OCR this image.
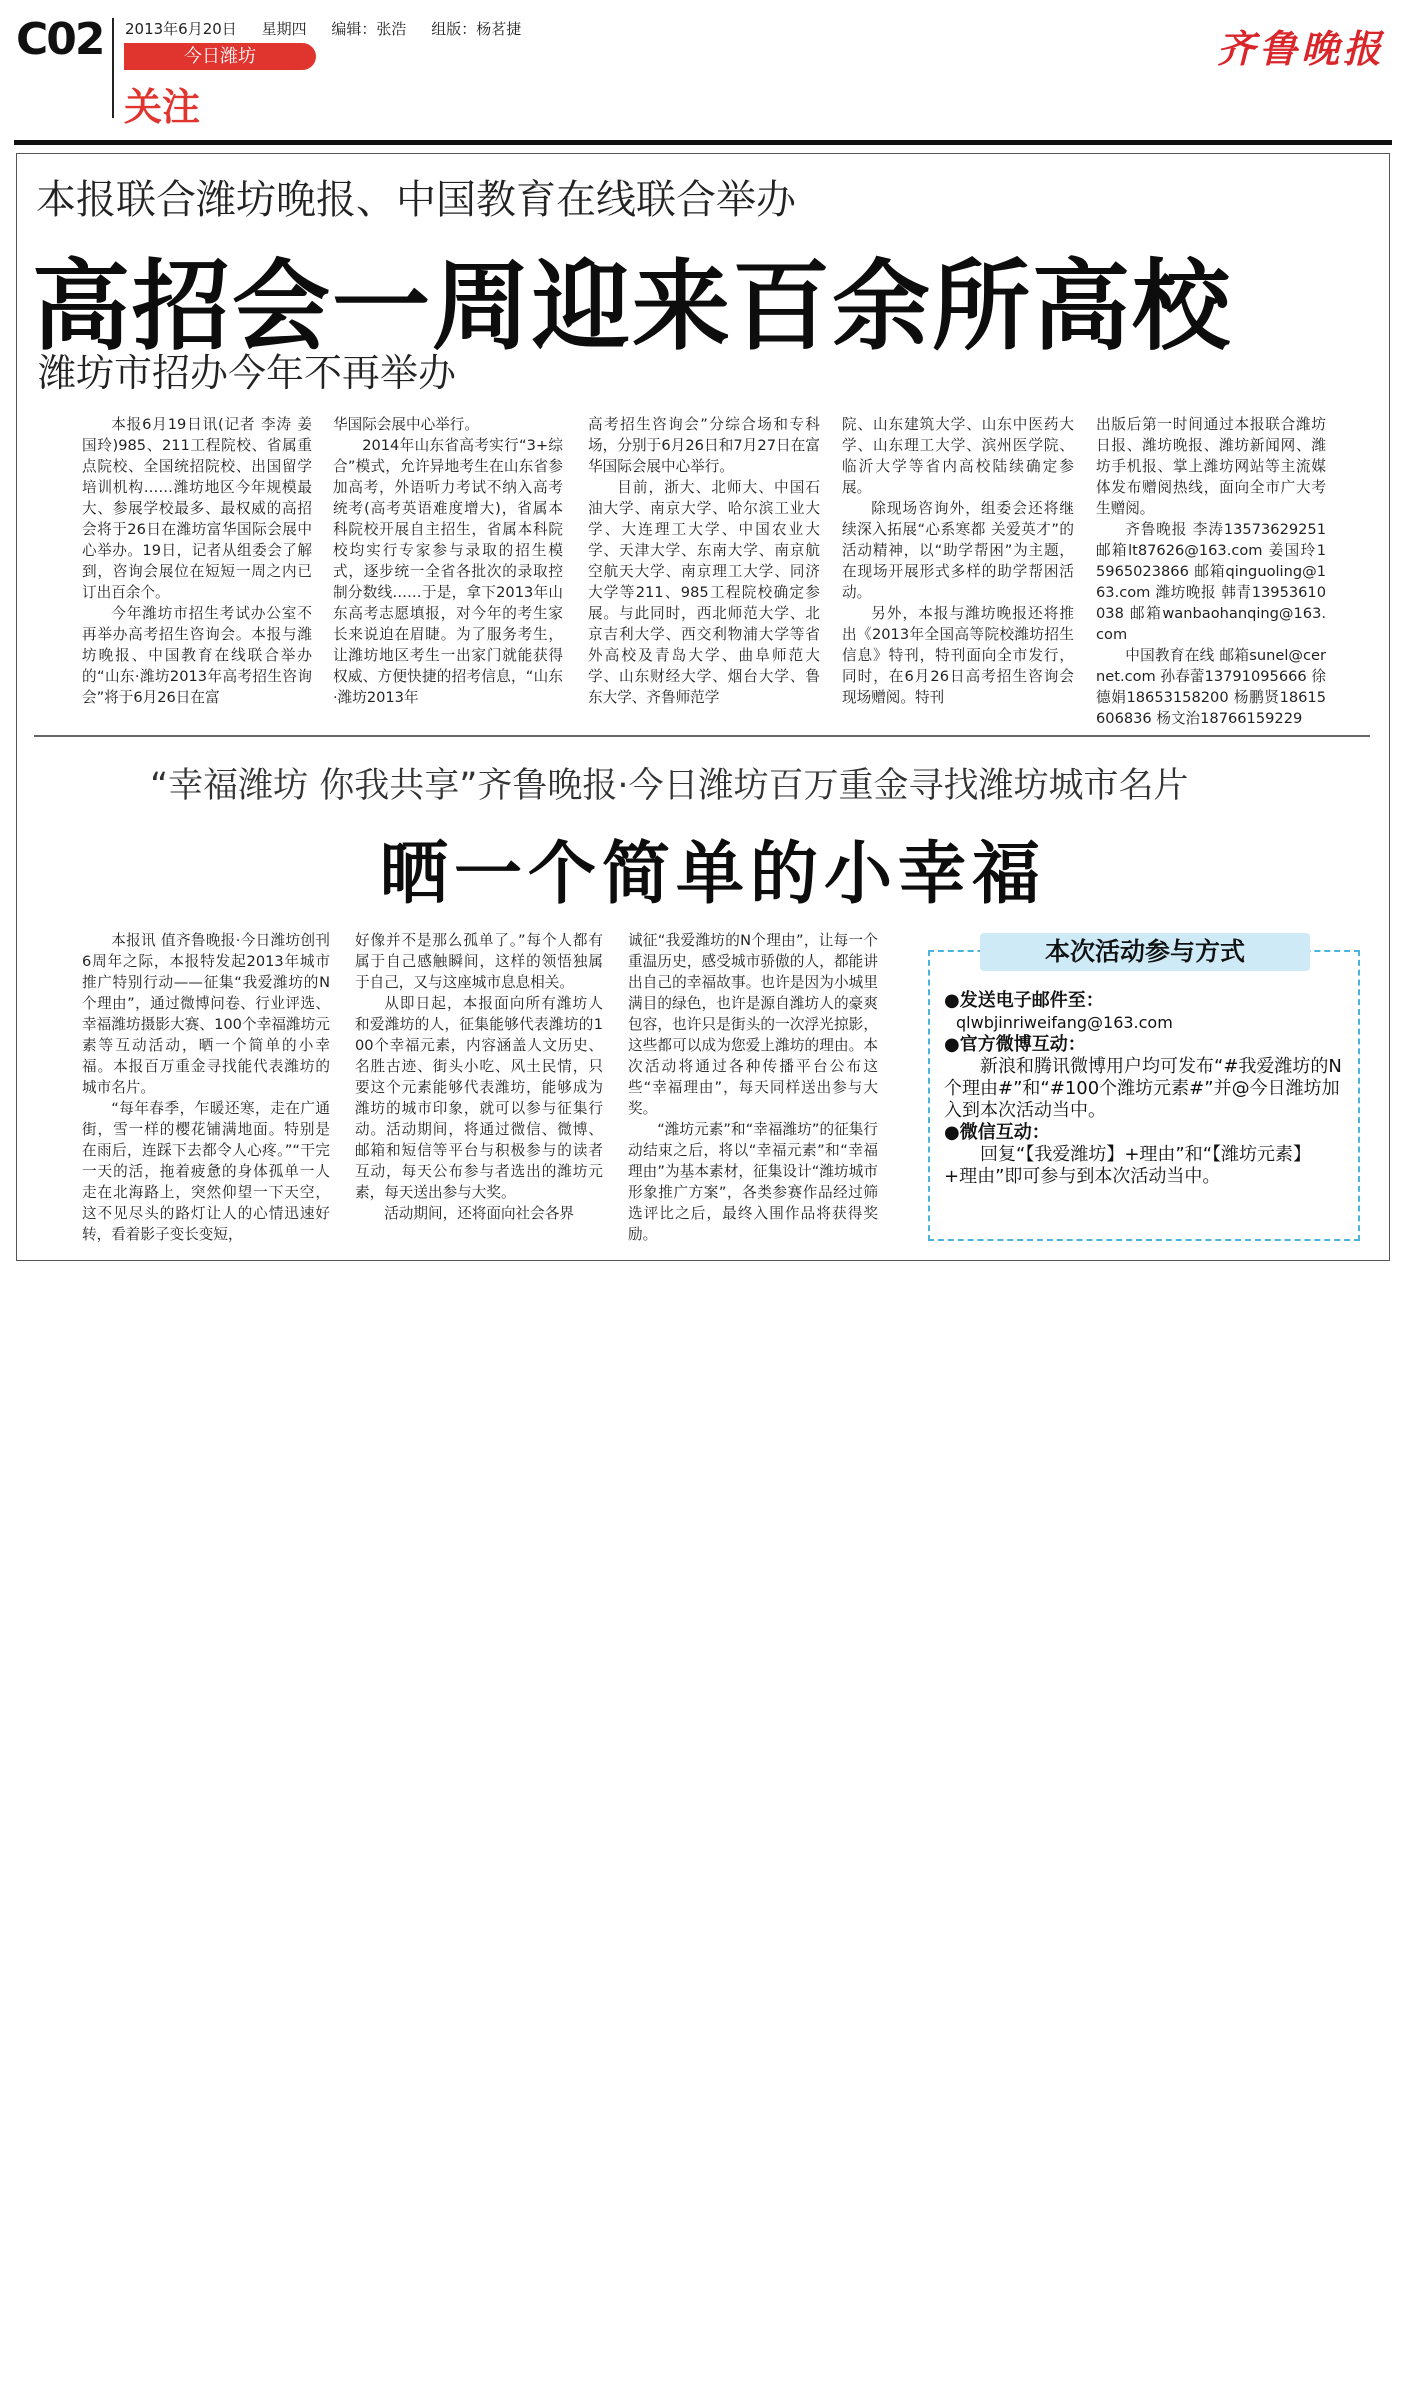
C02 2013年6月20日 星期四 编辑：张浩 组版：杨茗捷
今日潍坊
关注
齐鲁晚报
本报联合潍坊晚报、中国教育在线联合举办
高招会一周迎来百余所高校
潍坊市招办今年不再举办

本报6月19日讯(记者 李涛 姜国玲)985、211工程院校、省属重点院校、全国统招院校、出国留学培训机构……潍坊地区今年规模最大、参展学校最多、最权威的高招会将于26日在潍坊富华国际会展中心举办。19日，记者从组委会了解到，咨询会展位在短短一周之内已订出百余个。

今年潍坊市招生考试办公室不再举办高考招生咨询会。本报与潍坊晚报、中国教育在线联合举办的“山东·潍坊2013年高考招生咨询会”将于6月26日在富

华国际会展中心举行。

2014年山东省高考实行“3+综合”模式，允许异地考生在山东省参加高考，外语听力考试不纳入高考统考(高考英语难度增大)，省属本科院校开展自主招生，省属本科院校均实行专家参与录取的招生模式，逐步统一全省各批次的录取控制分数线……于是，拿下2013年山东高考志愿填报，对今年的考生家长来说迫在眉睫。为了服务考生，让潍坊地区考生一出家门就能获得权威、方便快捷的招考信息，“山东·潍坊2013年

高考招生咨询会”分综合场和专科场，分别于6月26日和7月27日在富华国际会展中心举行。

目前，浙大、北师大、中国石油大学、南京大学、哈尔滨工业大学、大连理工大学、中国农业大学、天津大学、东南大学、南京航空航天大学、南京理工大学、同济大学等211、985工程院校确定参展。与此同时，西北师范大学、北京吉利大学、西交利物浦大学等省外高校及青岛大学、曲阜师范大学、山东财经大学、烟台大学、鲁东大学、齐鲁师范学

院、山东建筑大学、山东中医药大学、山东理工大学、滨州医学院、临沂大学等省内高校陆续确定参展。

除现场咨询外，组委会还将继续深入拓展“心系寒都 关爱英才”的活动精神，以“助学帮困”为主题，在现场开展形式多样的助学帮困活动。

另外，本报与潍坊晚报还将推出《2013年全国高等院校潍坊招生信息》特刊，特刊面向全市发行，同时，在6月26日高考招生咨询会现场赠阅。特刊

出版后第一时间通过本报联合潍坊日报、潍坊晚报、潍坊新闻网、潍坊手机报、掌上潍坊网站等主流媒体发布赠阅热线，面向全市广大考生赠阅。

齐鲁晚报 李涛13573629251 邮箱lt87626@163.com 姜国玲15965023866 邮箱qinguoling@163.com 潍坊晚报 韩青13953610038 邮箱wanbaohanqing@163.com

中国教育在线 邮箱sunel@cernet.com 孙春蕾13791095666 徐德娟18653158200 杨鹏贤18615606836 杨文治18766159229

“幸福潍坊 你我共享”齐鲁晚报·今日潍坊百万重金寻找潍坊城市名片
晒一个简单的小幸福

本报讯 值齐鲁晚报·今日潍坊创刊6周年之际，本报特发起2013年城市推广特别行动——征集“我爱潍坊的N个理由”，通过微博问卷、行业评选、幸福潍坊摄影大赛、100个幸福潍坊元素等互动活动，晒一个简单的小幸福。本报百万重金寻找能代表潍坊的城市名片。

“每年春季，乍暖还寒，走在广通街，雪一样的樱花铺满地面。特别是在雨后，连踩下去都令人心疼。”“干完一天的活，拖着疲惫的身体孤单一人走在北海路上，突然仰望一下天空，这不见尽头的路灯让人的心情迅速好转，看着影子变长变短，

好像并不是那么孤单了。”每个人都有属于自己感触瞬间，这样的领悟独属于自己，又与这座城市息息相关。

从即日起，本报面向所有潍坊人和爱潍坊的人，征集能够代表潍坊的100个幸福元素，内容涵盖人文历史、名胜古迹、街头小吃、风土民情，只要这个元素能够代表潍坊，能够成为潍坊的城市印象，就可以参与征集行动。活动期间，将通过微信、微博、邮箱和短信等平台与积极参与的读者互动，每天公布参与者选出的潍坊元素，每天送出参与大奖。

活动期间，还将面向社会各界

诚征“我爱潍坊的N个理由”，让每一个重温历史，感受城市骄傲的人，都能讲出自己的幸福故事。也许是因为小城里满目的绿色，也许是源自潍坊人的豪爽包容，也许只是街头的一次浮光掠影，这些都可以成为您爱上潍坊的理由。本次活动将通过各种传播平台公布这些“幸福理由”，每天同样送出参与大奖。

“潍坊元素”和“幸福潍坊”的征集行动结束之后，将以“幸福元素”和“幸福理由”为基本素材，征集设计“潍坊城市形象推广方案”，各类参赛作品经过筛选评比之后，最终入围作品将获得奖励。

本次活动参与方式

●发送电子邮件至：

qlwbjinriweifang@163.com

●官方微博互动：

新浪和腾讯微博用户均可发布“#我爱潍坊的N个理由#”和“#100个潍坊元素#”并@今日潍坊加入到本次活动当中。

●微信互动：

回复“【我爱潍坊】+理由”和“【潍坊元素】+理由”即可参与到本次活动当中。
